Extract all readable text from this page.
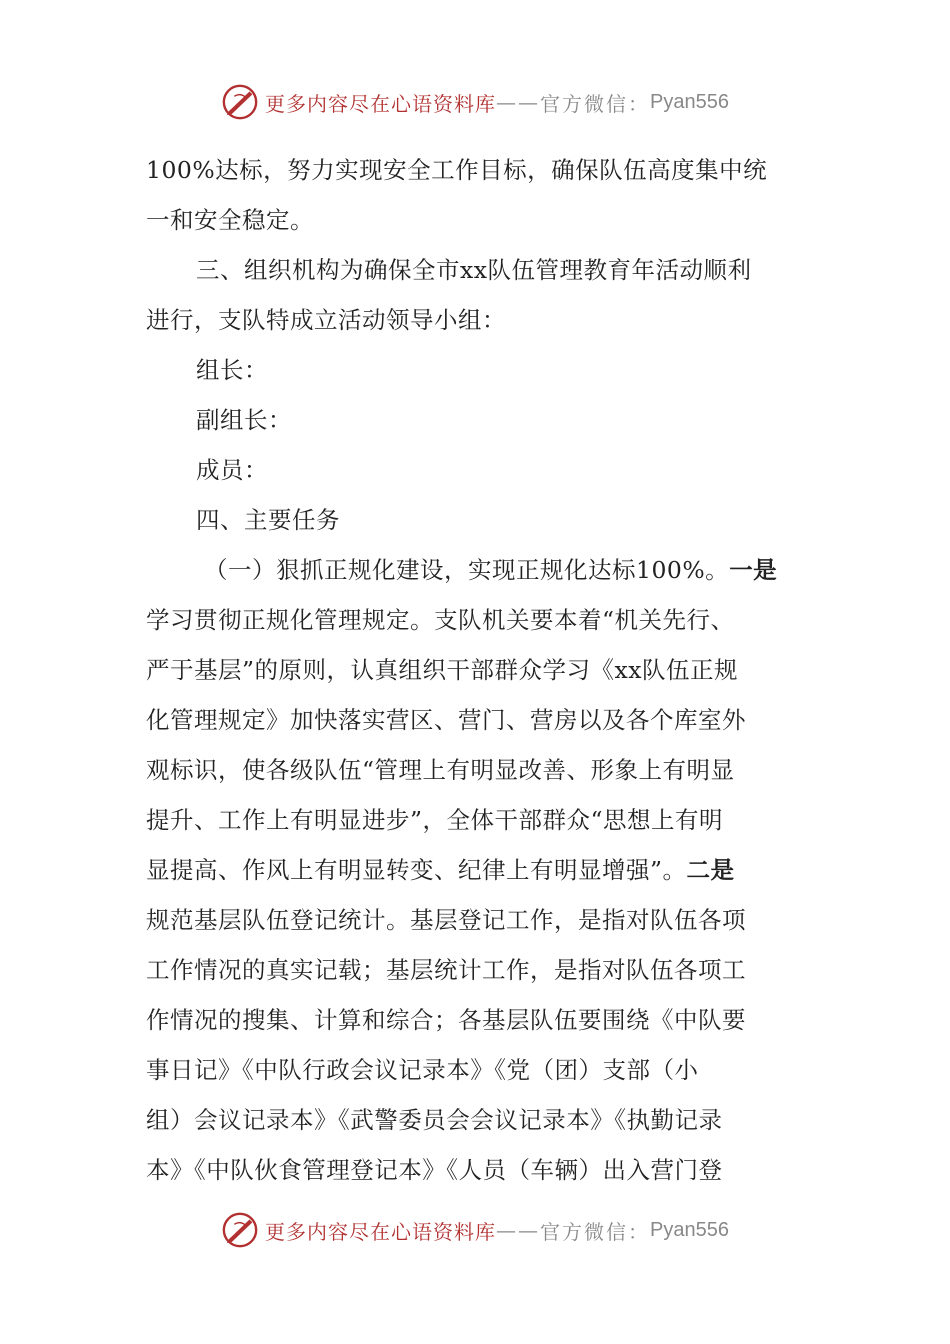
更多内容尽在心语资料库 —— 官方微信： Pyan556
100%达标，努力实现安全工作目标，确保队伍高度集中统
一和安全稳定。
三、组织机构为确保全市xx队伍管理教育年活动顺利
进行，支队特成立活动领导小组：
组长：
副组长：
成员：
四、主要任务
（一）狠抓正规化建设，实现正规化达标100%。一是
学习贯彻正规化管理规定。支队机关要本着“机关先行、
严于基层”的原则，认真组织干部群众学习《xx队伍正规
化管理规定》加快落实营区、营门、营房以及各个库室外
观标识，使各级队伍“管理上有明显改善、形象上有明显
提升、工作上有明显进步”，全体干部群众“思想上有明
显提高、作风上有明显转变、纪律上有明显增强”。二是
规范基层队伍登记统计。基层登记工作，是指对队伍各项
工作情况的真实记载；基层统计工作，是指对队伍各项工
作情况的搜集、计算和综合；各基层队伍要围绕《中队要
事日记》《中队行政会议记录本》《党（团）支部（小
组）会议记录本》《武警委员会会议记录本》《执勤记录
本》《中队伙食管理登记本》《人员（车辆）出入营门登
更多内容尽在心语资料库 —— 官方微信： Pyan556
